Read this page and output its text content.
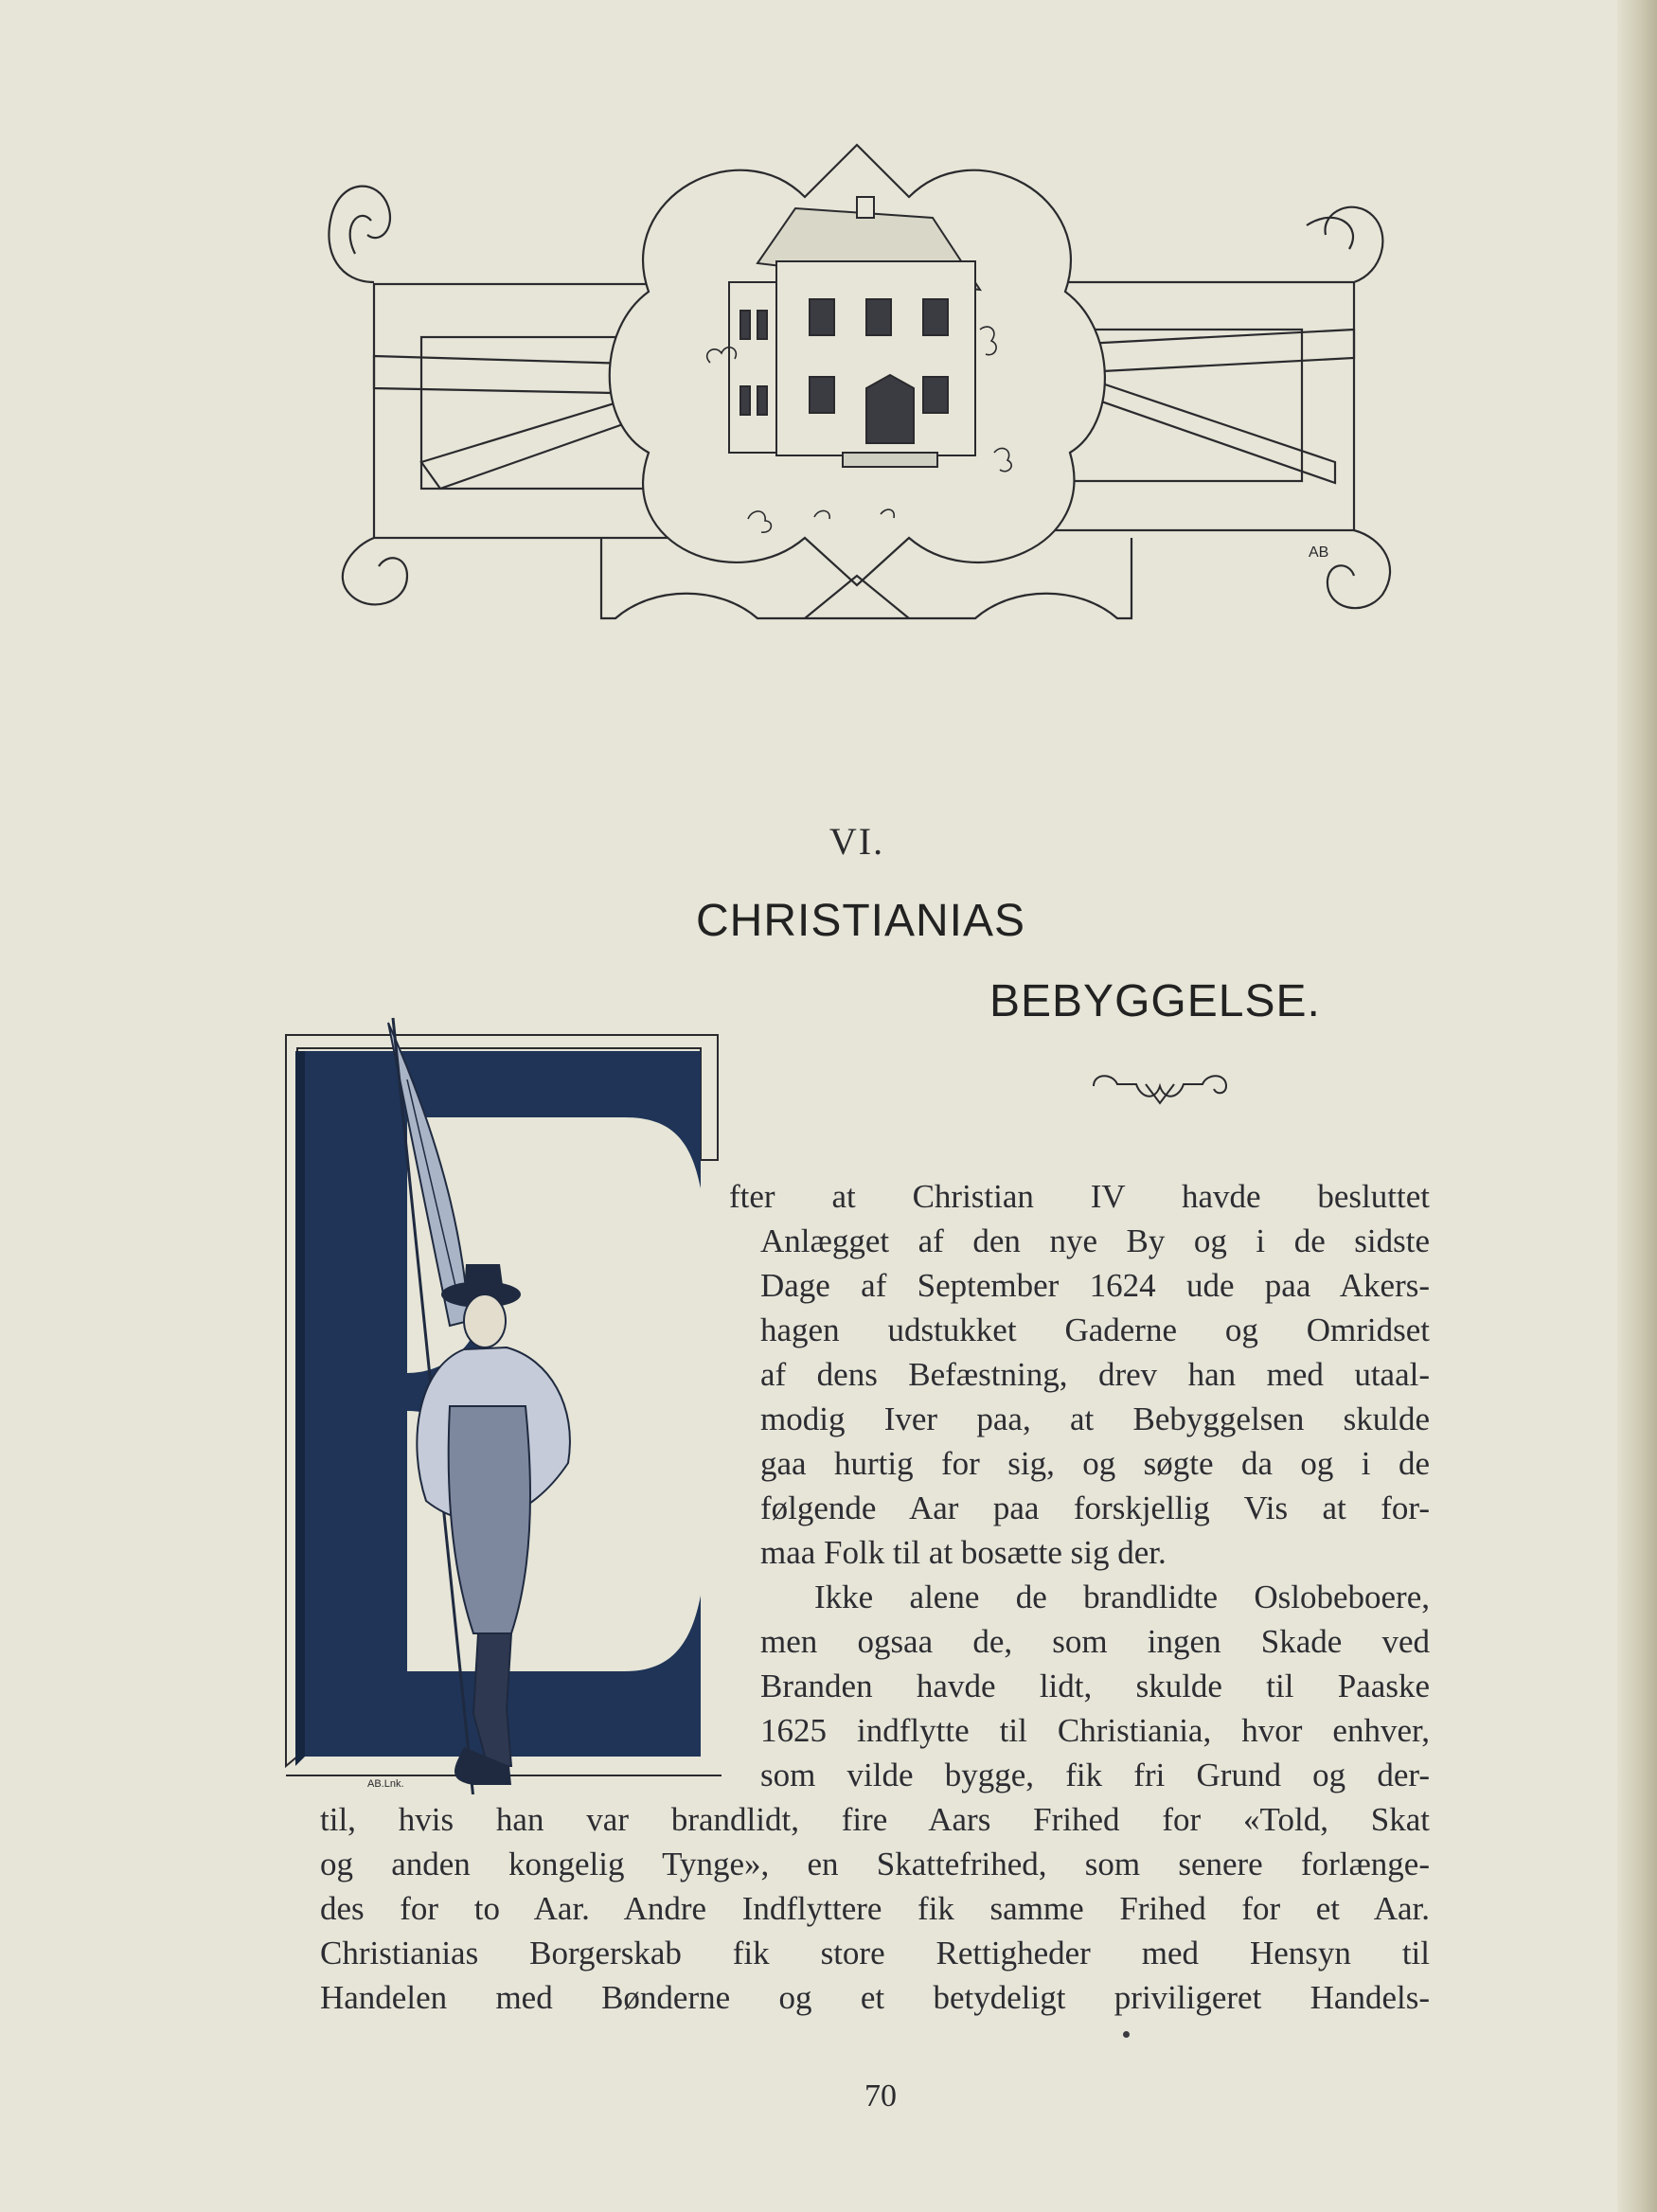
AB
VI.
CHRISTIANIAS
BEBYGGELSE.
AB.Lnk.
fter at Christian IV havde besluttet
Anlægget af den nye By og i de sidste
Dage af September 1624 ude paa Akers-
hagen udstukket Gaderne og Omridset
af dens Befæstning, drev han med utaal-
modig Iver paa, at Bebyggelsen skulde
gaa hurtig for sig, og søgte da og i de
følgende Aar paa forskjellig Vis at for-
maa Folk til at bosætte sig der.
Ikke alene de brandlidte Oslobeboere,
men ogsaa de, som ingen Skade ved
Branden havde lidt, skulde til Paaske
1625 indflytte til Christiania, hvor enhver,
som vilde bygge, fik fri Grund og der-
til, hvis han var brandlidt, fire Aars Frihed for «Told, Skat
og anden kongelig Tynge», en Skattefrihed, som senere forlænge-
des for to Aar. Andre Indflyttere fik samme Frihed for et Aar.
Christianias Borgerskab fik store Rettigheder med Hensyn til
Handelen med Bønderne og et betydeligt priviligeret Handels-
70
